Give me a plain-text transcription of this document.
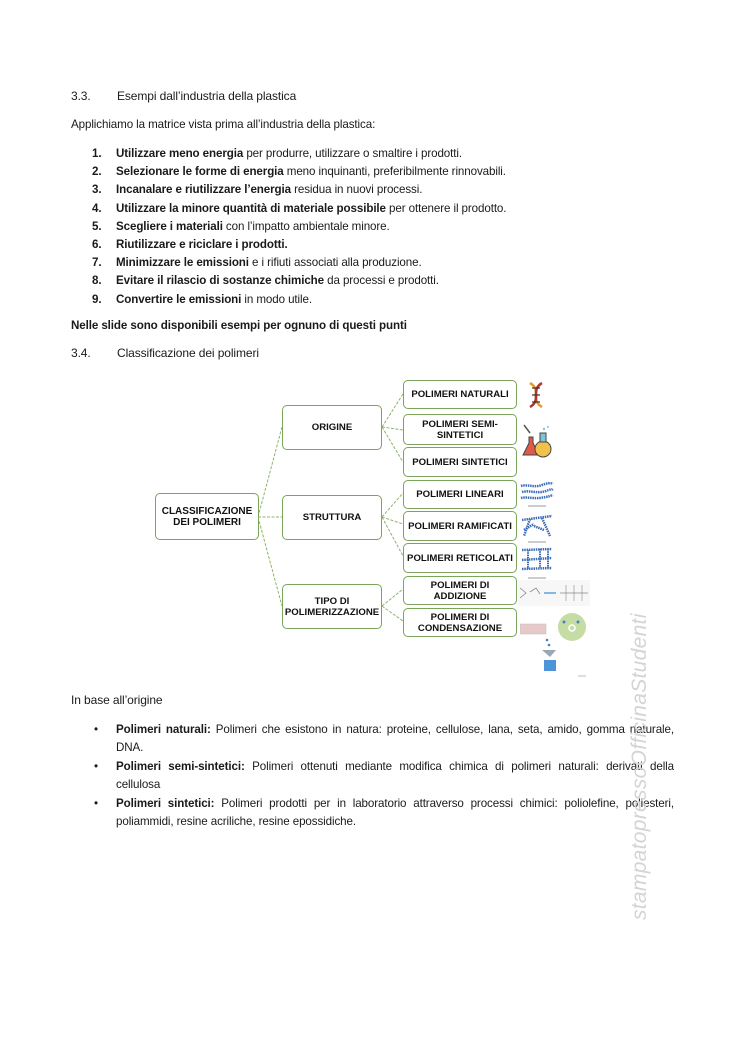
3.3. Esempi dall’industria della plastica
Applichiamo la matrice vista prima all’industria della plastica:
1. Utilizzare meno energia per produrre, utilizzare o smaltire i prodotti.
2. Selezionare le forme di energia meno inquinanti, preferibilmente rinnovabili.
3. Incanalare e riutilizzare l’energia residua in nuovi processi.
4. Utilizzare la minore quantità di materiale possibile per ottenere il prodotto.
5. Scegliere i materiali con l’impatto ambientale minore.
6. Riutilizzare e riciclare i prodotti.
7. Minimizzare le emissioni e i rifiuti associati alla produzione.
8. Evitare il rilascio di sostanze chimiche da processi e prodotti.
9. Convertire le emissioni in modo utile.
Nelle slide sono disponibili esempi per ognuno di questi punti
3.4. Classificazione dei polimeri
CLASSIFICAZIONE DEI POLIMERI
ORIGINE
STRUTTURA
TIPO DI POLIMERIZZAZIONE
POLIMERI NATURALI
POLIMERI SEMI-SINTETICI
POLIMERI SINTETICI
POLIMERI LINEARI
POLIMERI RAMIFICATI
POLIMERI RETICOLATI
POLIMERI DI ADDIZIONE
POLIMERI DI CONDENSAZIONE
In base all’origine
• Polimeri naturali: Polimeri che esistono in natura: proteine, cellulose, lana, seta, amido, gomma naturale, DNA.
• Polimeri semi-sintetici: Polimeri ottenuti mediante modifica chimica di polimeri naturali: derivati della cellulosa
• Polimeri sintetici: Polimeri prodotti per in laboratorio attraverso processi chimici: poliolefine, poliesteri, poliammidi, resine acriliche, resine epossidiche.	stampatopressoOfficinaStudenti
